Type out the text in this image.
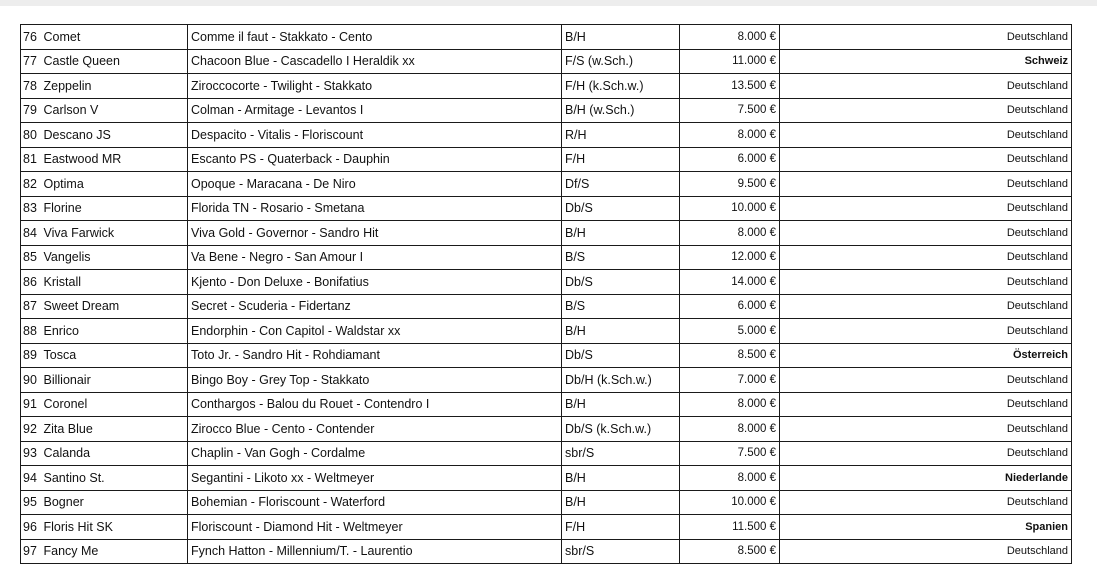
76	Comet	Comme il faut - Stakkato - Cento	B/H	8.000 €	Deutschland
77	Castle Queen	Chacoon Blue - Cascadello I Heraldik xx	F/S (w.Sch.)	11.000 €	Schweiz
78	Zeppelin	Ziroccocorte - Twilight - Stakkato	F/H (k.Sch.w.)	13.500 €	Deutschland
79	Carlson V	Colman - Armitage - Levantos I	B/H (w.Sch.)	7.500 €	Deutschland
80	Descano JS	Despacito - Vitalis - Floriscount	R/H	8.000 €	Deutschland
81	Eastwood MR	Escanto PS - Quaterback - Dauphin	F/H	6.000 €	Deutschland
82	Optima	Opoque - Maracana - De Niro	Df/S	9.500 €	Deutschland
83	Florine	Florida TN - Rosario - Smetana	Db/S	10.000 €	Deutschland
84	Viva Farwick	Viva Gold - Governor - Sandro Hit	B/H	8.000 €	Deutschland
85	Vangelis	Va Bene - Negro - San Amour I	B/S	12.000 €	Deutschland
86	Kristall	Kjento - Don Deluxe - Bonifatius	Db/S	14.000 €	Deutschland
87	Sweet Dream	Secret - Scuderia - Fidertanz	B/S	6.000 €	Deutschland
88	Enrico	Endorphin - Con Capitol - Waldstar xx	B/H	5.000 €	Deutschland
89	Tosca	Toto Jr. - Sandro Hit - Rohdiamant	Db/S	8.500 €	Österreich
90	Billionair	Bingo Boy - Grey Top - Stakkato	Db/H (k.Sch.w.)	7.000 €	Deutschland
91	Coronel	Conthargos - Balou du Rouet - Contendro I	B/H	8.000 €	Deutschland
92	Zita Blue	Zirocco Blue - Cento - Contender	Db/S (k.Sch.w.)	8.000 €	Deutschland
93	Calanda	Chaplin - Van Gogh - Cordalme	sbr/S	7.500 €	Deutschland
94	Santino St.	Segantini - Likoto xx - Weltmeyer	B/H	8.000 €	Niederlande
95	Bogner	Bohemian - Floriscount - Waterford	B/H	10.000 €	Deutschland
96	Floris Hit SK	Floriscount - Diamond Hit - Weltmeyer	F/H	11.500 €	Spanien
97	Fancy Me	Fynch Hatton - Millennium/T. - Laurentio	sbr/S	8.500 €	Deutschland
